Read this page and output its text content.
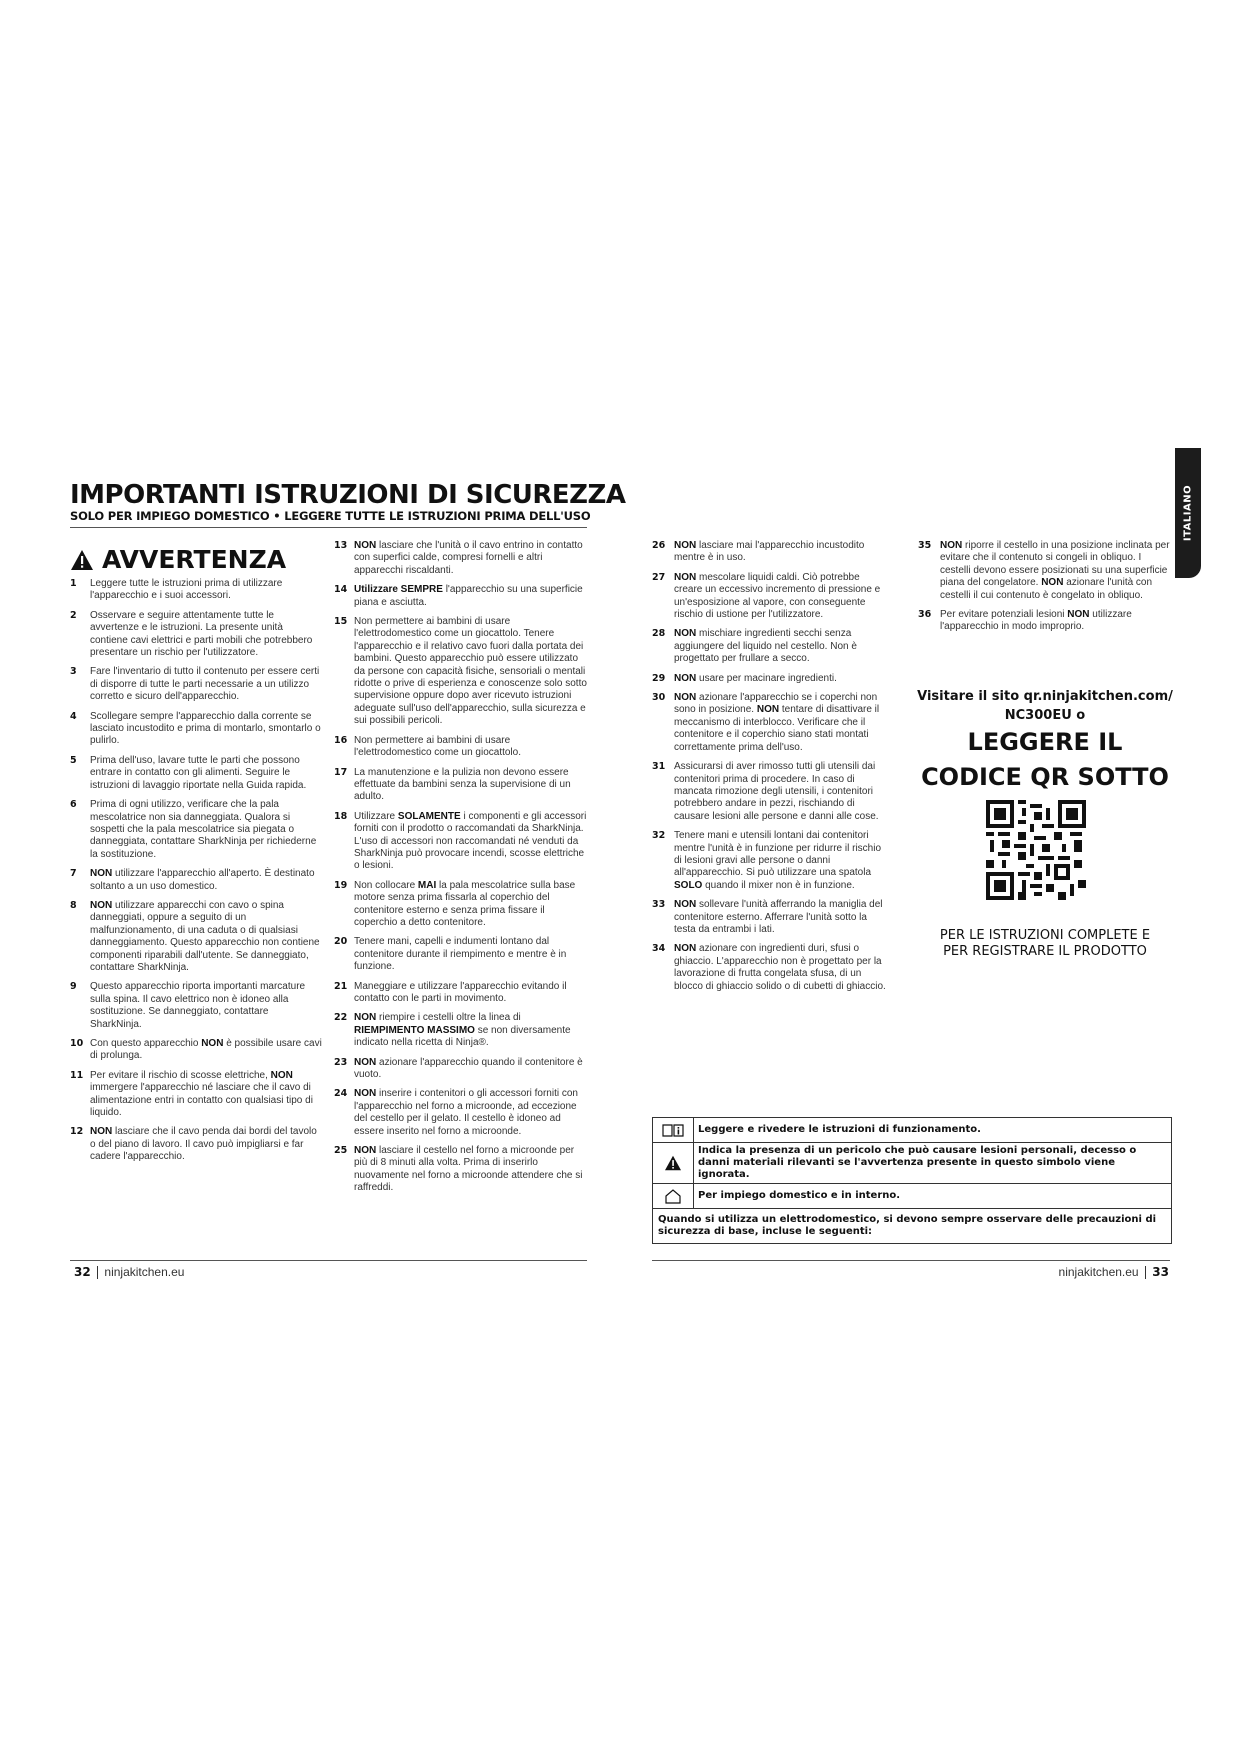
IMPORTANTI ISTRUZIONI DI SICUREZZA
SOLO PER IMPIEGO DOMESTICO • LEGGERE TUTTE LE ISTRUZIONI PRIMA DELL'USO
AVVERTENZA
1	Leggere tutte le istruzioni prima di utilizzare l'apparecchio e i suoi accessori.
2	Osservare e seguire attentamente tutte le avvertenze e le istruzioni. La presente unità contiene cavi elettrici e parti mobili che potrebbero presentare un rischio per l'utilizzatore.
3	Fare l'inventario di tutto il contenuto per essere certi di disporre di tutte le parti necessarie a un utilizzo corretto e sicuro dell'apparecchio.
4	Scollegare sempre l'apparecchio dalla corrente se lasciato incustodito e prima di montarlo, smontarlo o pulirlo.
5	Prima dell'uso, lavare tutte le parti che possono entrare in contatto con gli alimenti. Seguire le istruzioni di lavaggio riportate nella Guida rapida.
6	Prima di ogni utilizzo, verificare che la pala mescolatrice non sia danneggiata. Qualora si sospetti che la pala mescolatrice sia piegata o danneggiata, contattare SharkNinja per richiederne la sostituzione.
7	NON utilizzare l'apparecchio all'aperto. È destinato soltanto a un uso domestico.
8	NON utilizzare apparecchi con cavo o spina danneggiati, oppure a seguito di un malfunzionamento, di una caduta o di qualsiasi danneggiamento. Questo apparecchio non contiene componenti riparabili dall'utente. Se danneggiato, contattare SharkNinja.
9	Questo apparecchio riporta importanti marcature sulla spina. Il cavo elettrico non è idoneo alla sostituzione. Se danneggiato, contattare SharkNinja.
10 Con questo apparecchio NON è possibile usare cavi di prolunga.
11 Per evitare il rischio di scosse elettriche, NON immergere l'apparecchio né lasciare che il cavo di alimentazione entri in contatto con qualsiasi tipo di liquido.
12 NON lasciare che il cavo penda dai bordi del tavolo o del piano di lavoro. Il cavo può impigliarsi e far cadere l'apparecchio.
13 NON lasciare che l'unità o il cavo entrino in contatto con superfici calde, compresi fornelli e altri apparecchi riscaldanti.
14 Utilizzare SEMPRE l'apparecchio su una superficie piana e asciutta.
15 Non permettere ai bambini di usare l'elettrodomestico come un giocattolo. Tenere l'apparecchio e il relativo cavo fuori dalla portata dei bambini. Questo apparecchio può essere utilizzato da persone con capacità fisiche, sensoriali o mentali ridotte o prive di esperienza e conoscenze solo sotto supervisione oppure dopo aver ricevuto istruzioni adeguate sull'uso dell'apparecchio, sulla sicurezza e sui possibili pericoli.
16 Non permettere ai bambini di usare l'elettrodomestico come un giocattolo.
17 La manutenzione e la pulizia non devono essere effettuate da bambini senza la supervisione di un adulto.
18 Utilizzare SOLAMENTE i componenti e gli accessori forniti con il prodotto o raccomandati da SharkNinja. L'uso di accessori non raccomandati né venduti da SharkNinja può provocare incendi, scosse elettriche o lesioni.
19 Non collocare MAI la pala mescolatrice sulla base motore senza prima fissarla al coperchio del contenitore esterno e senza prima fissare il coperchio a detto contenitore.
20 Tenere mani, capelli e indumenti lontano dal contenitore durante il riempimento e mentre è in funzione.
21 Maneggiare e utilizzare l'apparecchio evitando il contatto con le parti in movimento.
22 NON riempire i cestelli oltre la linea di RIEMPIMENTO MASSIMO se non diversamente indicato nella ricetta di Ninja®.
23 NON azionare l'apparecchio quando il contenitore è vuoto.
24 NON inserire i contenitori o gli accessori forniti con l'apparecchio nel forno a microonde, ad eccezione del cestello per il gelato. Il cestello è idoneo ad essere inserito nel forno a microonde.
25 NON lasciare il cestello nel forno a microonde per più di 8 minuti alla volta. Prima di inserirlo nuovamente nel forno a microonde attendere che si raffreddi.
26 NON lasciare mai l'apparecchio incustodito mentre è in uso.
27 NON mescolare liquidi caldi. Ciò potrebbe creare un eccessivo incremento di pressione e un'esposizione al vapore, con conseguente rischio di ustione per l'utilizzatore.
28 NON mischiare ingredienti secchi senza aggiungere del liquido nel cestello. Non è progettato per frullare a secco.
29 NON usare per macinare ingredienti.
30 NON azionare l'apparecchio se i coperchi non sono in posizione. NON tentare di disattivare il meccanismo di interblocco. Verificare che il contenitore e il coperchio siano stati montati correttamente prima dell'uso.
31 Assicurarsi di aver rimosso tutti gli utensili dai contenitori prima di procedere. In caso di mancata rimozione degli utensili, i contenitori potrebbero andare in pezzi, rischiando di causare lesioni alle persone e danni alle cose.
32 Tenere mani e utensili lontani dai contenitori mentre l'unità è in funzione per ridurre il rischio di lesioni gravi alle persone o danni all'apparecchio. Si può utilizzare una spatola SOLO quando il mixer non è in funzione.
33 NON sollevare l'unità afferrando la maniglia del contenitore esterno. Afferrare l'unità sotto la testa da entrambi i lati.
34 NON azionare con ingredienti duri, sfusi o ghiaccio. L'apparecchio non è progettato per la lavorazione di frutta congelata sfusa, di un blocco di ghiaccio solido o di cubetti di ghiaccio.
35 NON riporre il cestello in una posizione inclinata per evitare che il contenuto si congeli in obliquo. I cestelli devono essere posizionati su una superficie piana del congelatore. NON azionare l'unità con cestelli il cui contenuto è congelato in obliquo.
36 Per evitare potenziali lesioni NON utilizzare l'apparecchio in modo improprio.
ITALIANO
Visitare il sito qr.ninjakitchen.com/
NC300EU o
LEGGERE IL
CODICE QR SOTTO
PER LE ISTRUZIONI COMPLETE E
PER REGISTRARE IL PRODOTTO
Leggere e rivedere le istruzioni di funzionamento.
Indica la presenza di un pericolo che può causare lesioni personali, decesso o danni materiali rilevanti se l'avvertenza presente in questo simbolo viene ignorata.
Per impiego domestico e in interno.
Quando si utilizza un elettrodomestico, si devono sempre osservare delle precauzioni di sicurezza di base, incluse le seguenti:
32 ninjakitchen.eu	ninjakitchen.eu 33
